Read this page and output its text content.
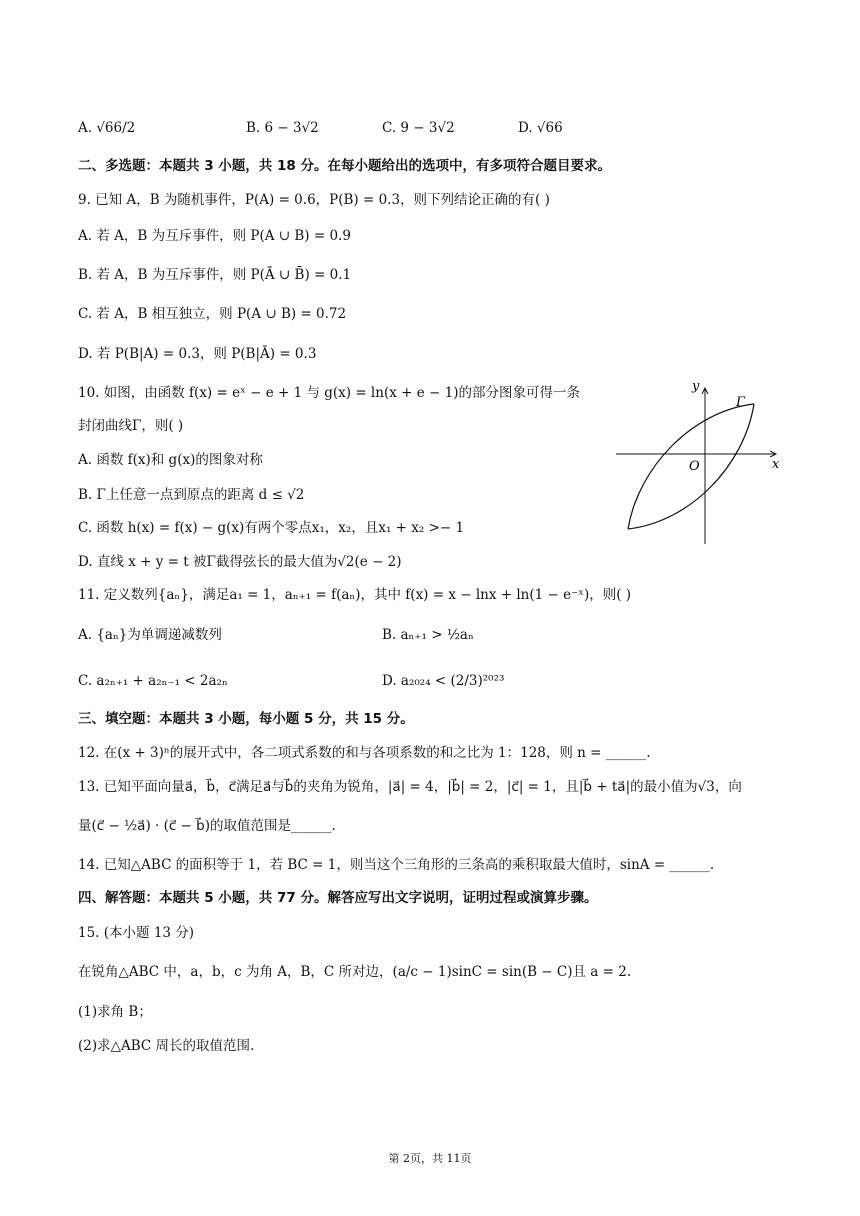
A. √66/2	B. 6 − 3√2	C. 9 − 3√2	D. √66
二、多选题：本题共 3 小题，共 18 分。在每小题给出的选项中，有多项符合题目要求。
9. 已知 A，B 为随机事件，P(A) = 0.6，P(B) = 0.3，则下列结论正确的有( )
A. 若 A，B 为互斥事件，则 P(A ∪ B) = 0.9
B. 若 A，B 为互斥事件，则 P(Ā ∪ B̄) = 0.1
C. 若 A，B 相互独立，则 P(A ∪ B) = 0.72
D. 若 P(B|A) = 0.3，则 P(B|Ā) = 0.3
10. 如图，由函数 f(x) = eˣ − e + 1 与 g(x) = ln(x + e − 1)的部分图象可得一条
封闭曲线Γ，则( )
A. 函数 f(x)和 g(x)的图象对称
B. Γ上任意一点到原点的距离 d ≤ √2
C. 函数 h(x) = f(x) − g(x)有两个零点x₁，x₂，且x₁ + x₂ >− 1
D. 直线 x + y = t 被Γ截得弦长的最大值为√2(e − 2)
y
x
O
Γ
11. 定义数列{aₙ}，满足a₁ = 1，aₙ₊₁ = f(aₙ)，其中 f(x) = x − lnx + ln(1 − e⁻ˣ)，则( )
A. {aₙ}为单调递减数列	B. aₙ₊₁ > ½aₙ
C. a₂ₙ₊₁ + a₂ₙ₋₁ < 2a₂ₙ	D. a₂₀₂₄ < (2/3)²⁰²³
三、填空题：本题共 3 小题，每小题 5 分，共 15 分。
12. 在(x + 3)ⁿ的展开式中，各二项式系数的和与各项系数的和之比为 1：128，则 n = ______.
13. 已知平面向量a⃗，b⃗，c⃗满足a⃗与b⃗的夹角为锐角，|a⃗| = 4，|b⃗| = 2，|c⃗| = 1，且|b⃗ + ta⃗|的最小值为√3，向
量(c⃗ − ½a⃗) · (c⃗ − b⃗)的取值范围是______.
14. 已知△ABC 的面积等于 1，若 BC = 1，则当这个三角形的三条高的乘积取最大值时，sinA = ______.
四、解答题：本题共 5 小题，共 77 分。解答应写出文字说明，证明过程或演算步骤。
15. (本小题 13 分)
在锐角△ABC 中，a，b，c 为角 A，B，C 所对边，(a/c − 1)sinC = sin(B − C)且 a = 2.
(1)求角 B；
(2)求△ABC 周长的取值范围.
第 2页，共 11页
